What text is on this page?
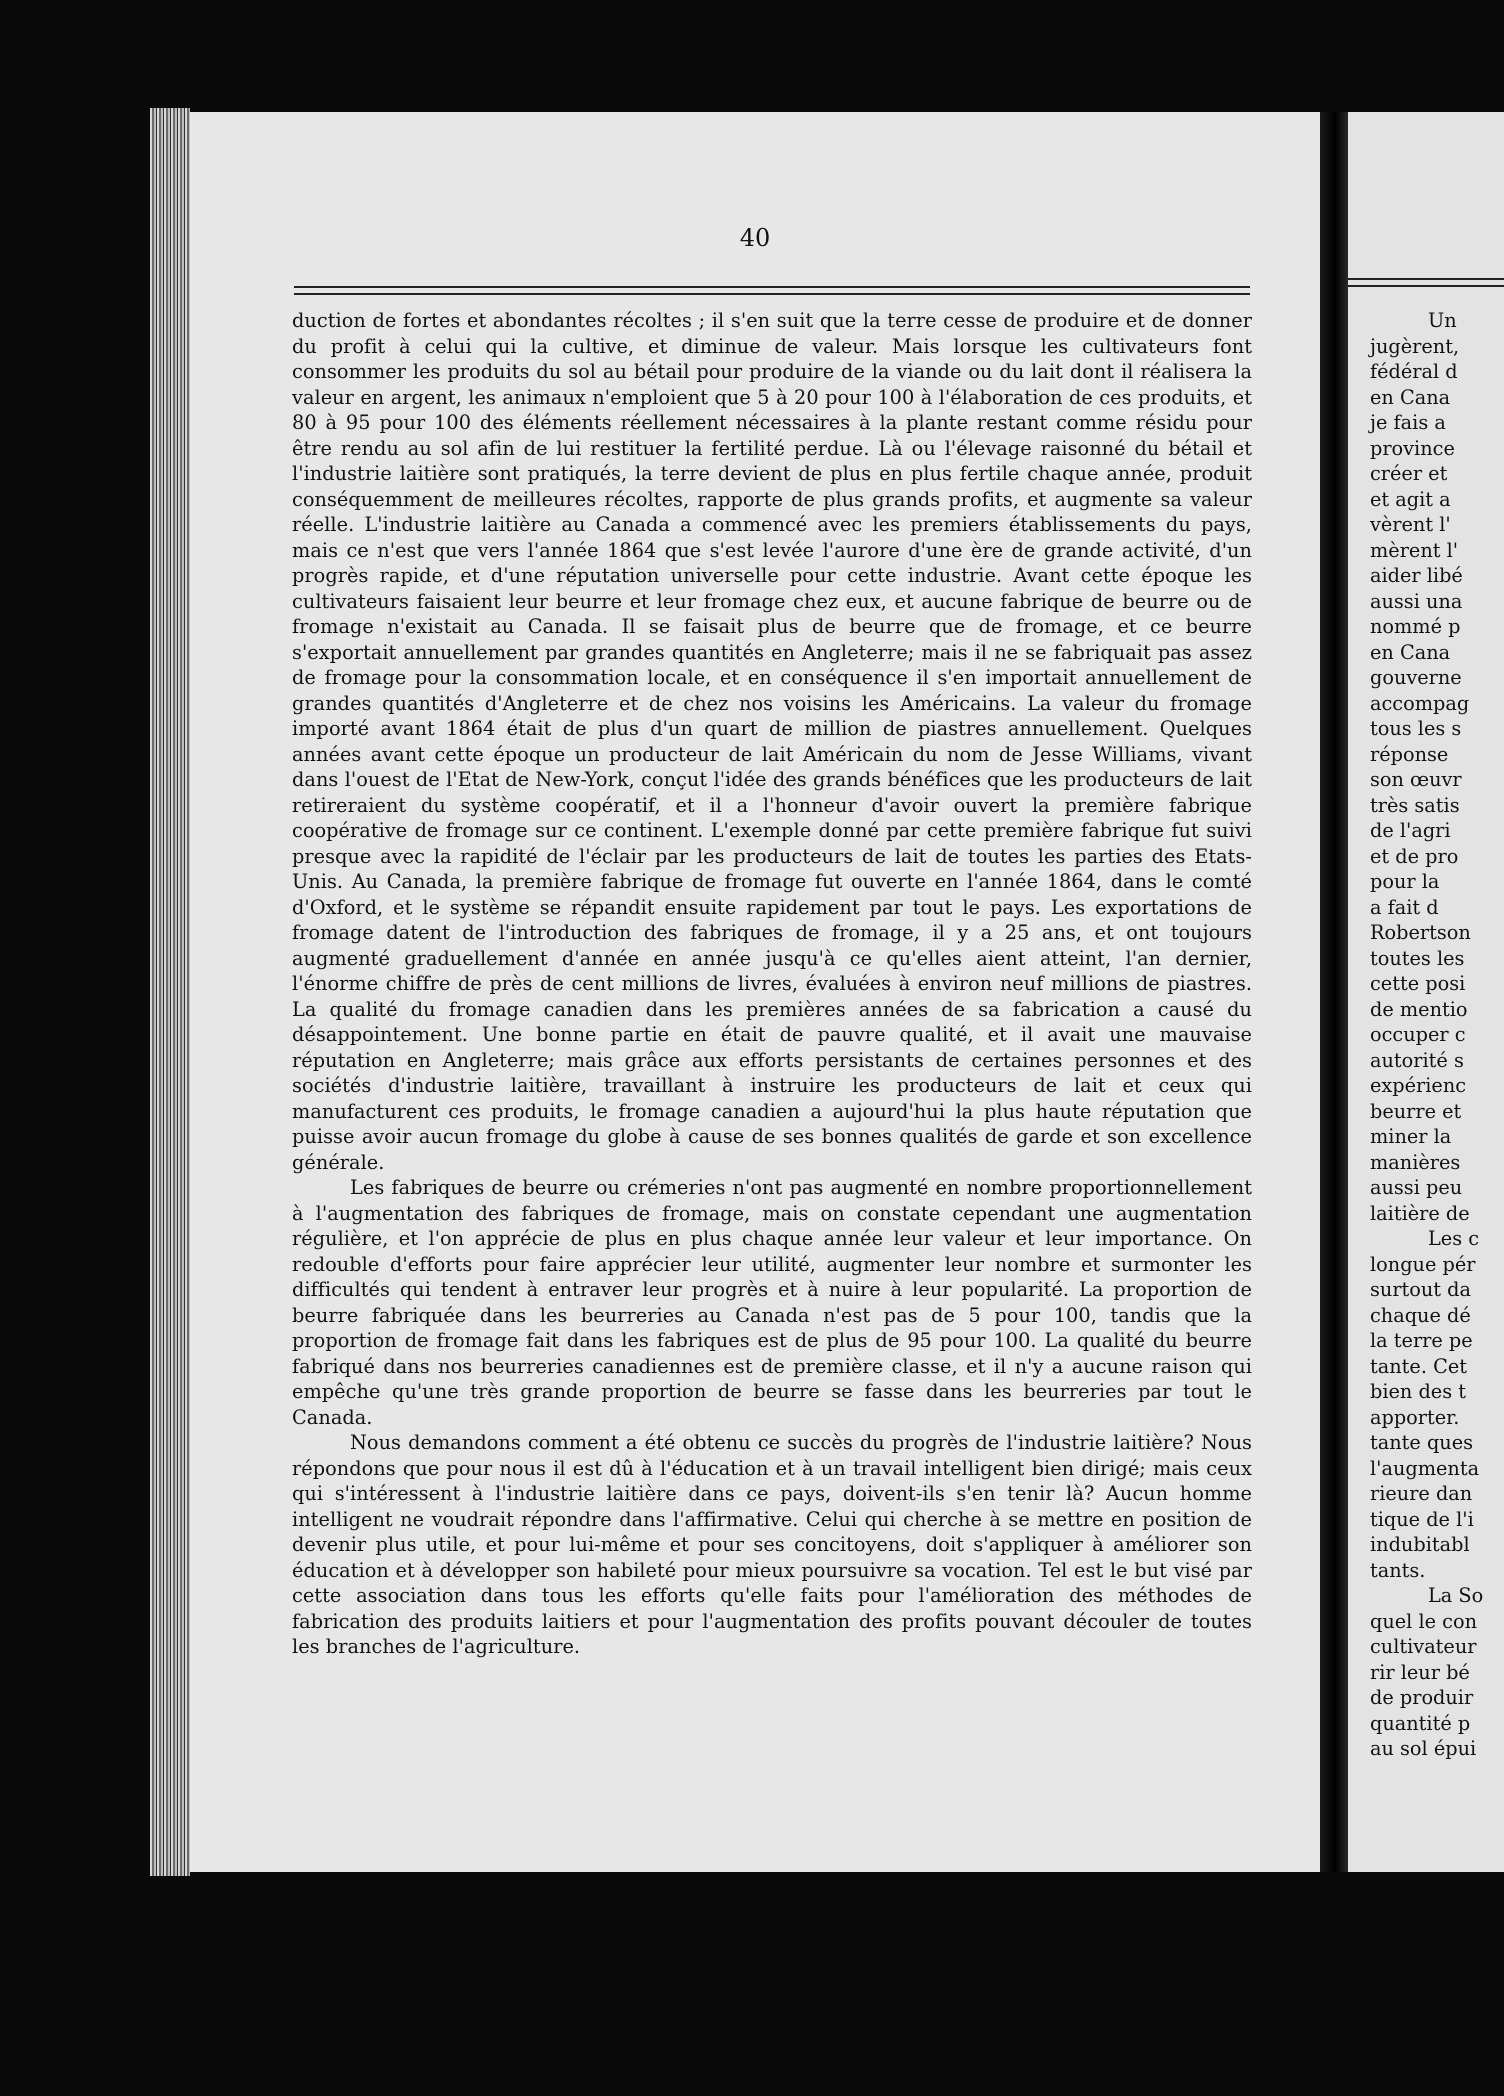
40

duction de fortes et abondantes récoltes ; il s'en suit que la terre cesse de produire et de donner du profit à celui qui la cultive, et diminue de valeur. Mais lorsque les cultivateurs font consommer les produits du sol au bétail pour produire de la viande ou du lait dont il réalisera la valeur en argent, les animaux n'emploient que 5 à 20 pour 100 à l'élaboration de ces produits, et 80 à 95 pour 100 des éléments réellement nécessaires à la plante restant comme résidu pour être rendu au sol afin de lui restituer la fertilité perdue. Là ou l'élevage raisonné du bétail et l'industrie laitière sont pratiqués, la terre devient de plus en plus fertile chaque année, produit conséquemment de meilleures récoltes, rapporte de plus grands profits, et augmente sa valeur réelle. L'industrie laitière au Canada a commencé avec les premiers établissements du pays, mais ce n'est que vers l'année 1864 que s'est levée l'aurore d'une ère de grande activité, d'un progrès rapide, et d'une réputation universelle pour cette industrie. Avant cette époque les cultivateurs faisaient leur beurre et leur fromage chez eux, et aucune fabrique de beurre ou de fromage n'existait au Canada. Il se faisait plus de beurre que de fromage, et ce beurre s'exportait annuellement par grandes quantités en Angleterre; mais il ne se fabriquait pas assez de fromage pour la consommation locale, et en conséquence il s'en importait annuellement de grandes quantités d'Angleterre et de chez nos voisins les Américains. La valeur du fromage importé avant 1864 était de plus d'un quart de million de piastres annuellement. Quelques années avant cette époque un producteur de lait Américain du nom de Jesse Williams, vivant dans l'ouest de l'Etat de New-York, conçut l'idée des grands bénéfices que les producteurs de lait retireraient du système coopératif, et il a l'honneur d'avoir ouvert la première fabrique coopérative de fromage sur ce continent. L'exemple donné par cette première fabrique fut suivi presque avec la rapidité de l'éclair par les producteurs de lait de toutes les parties des Etats-Unis. Au Canada, la première fabrique de fromage fut ouverte en l'année 1864, dans le comté d'Oxford, et le système se répandit ensuite rapidement par tout le pays. Les exportations de fromage datent de l'introduction des fabriques de fromage, il y a 25 ans, et ont toujours augmenté graduellement d'année en année jusqu'à ce qu'elles aient atteint, l'an dernier, l'énorme chiffre de près de cent millions de livres, évaluées à environ neuf millions de piastres. La qualité du fromage canadien dans les premières années de sa fabrication a causé du désappointement. Une bonne partie en était de pauvre qualité, et il avait une mauvaise réputation en Angleterre; mais grâce aux efforts persistants de certaines personnes et des sociétés d'industrie laitière, travaillant à instruire les producteurs de lait et ceux qui manufacturent ces produits, le fromage canadien a aujourd'hui la plus haute réputation que puisse avoir aucun fromage du globe à cause de ses bonnes qualités de garde et son excellence générale.

Les fabriques de beurre ou crémeries n'ont pas augmenté en nombre proportionnellement à l'augmentation des fabriques de fromage, mais on constate cependant une augmentation régulière, et l'on apprécie de plus en plus chaque année leur valeur et leur importance. On redouble d'efforts pour faire apprécier leur utilité, augmenter leur nombre et surmonter les difficultés qui tendent à entraver leur progrès et à nuire à leur popularité. La proportion de beurre fabriquée dans les beurreries au Canada n'est pas de 5 pour 100, tandis que la proportion de fromage fait dans les fabriques est de plus de 95 pour 100. La qualité du beurre fabriqué dans nos beurreries canadiennes est de première classe, et il n'y a aucune raison qui empêche qu'une très grande proportion de beurre se fasse dans les beurreries par tout le Canada.

Nous demandons comment a été obtenu ce succès du progrès de l'industrie laitière? Nous répondons que pour nous il est dû à l'éducation et à un travail intelligent bien dirigé; mais ceux qui s'intéressent à l'industrie laitière dans ce pays, doivent-ils s'en tenir là? Aucun homme intelligent ne voudrait répondre dans l'affirmative. Celui qui cherche à se mettre en position de devenir plus utile, et pour lui-même et pour ses concitoyens, doit s'appliquer à améliorer son éducation et à développer son habileté pour mieux poursuivre sa vocation. Tel est le but visé par cette association dans tous les efforts qu'elle faits pour l'amélioration des méthodes de fabrication des produits laitiers et pour l'augmentation des profits pouvant découler de toutes les branches de l'agriculture.

Un
jugèrent,
fédéral d
en Cana
je fais a
province
créer et
et agit a
vèrent l'
mèrent l'
aider libé
aussi una
nommé p
en Cana
gouverne
accompag
tous les s
réponse
son œuvr
très satis
de l'agri
et de pro
pour la
a fait d
Robertson
toutes les
cette posi
de mentio
occuper c
autorité s
expérienc
beurre et
miner la
manières
aussi peu
laitière de
Les c
longue pér
surtout da
chaque dé
la terre pe
tante. Cet
bien des t
apporter.
tante ques
l'augmenta
rieure dan
tique de l'i
indubitabl
tants.
La So
quel le con
cultivateur
rir leur bé
de produir
quantité p
au sol épui
